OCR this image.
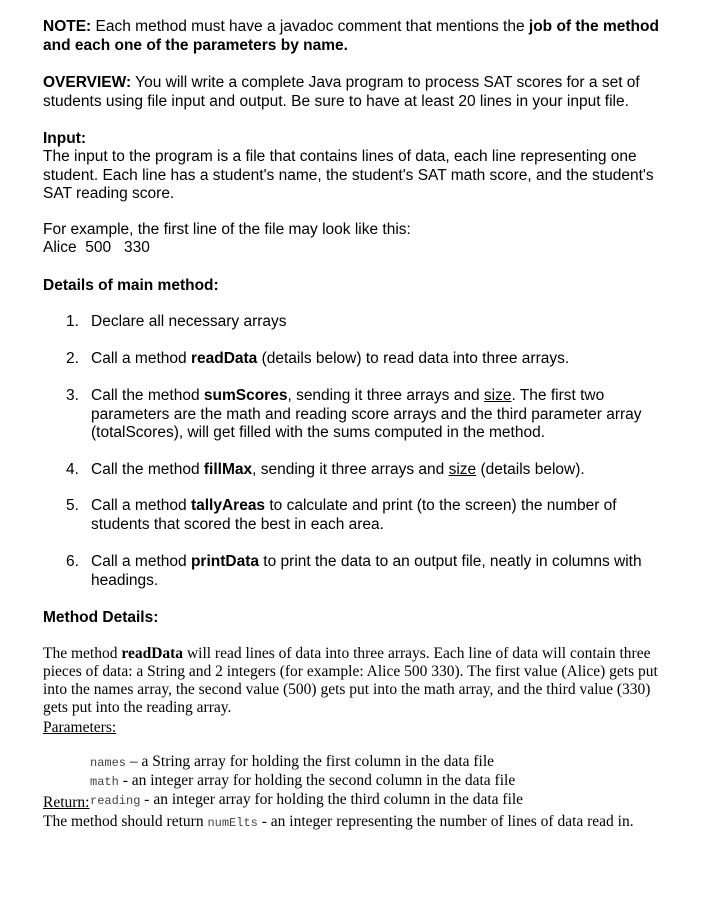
NOTE: Each method must have a javadoc comment that mentions the job of the method and each one of the parameters by name.

OVERVIEW: You will write a complete Java program to process SAT scores for a set of students using file input and output. Be sure to have at least 20 lines in your input file.

Input:

The input to the program is a file that contains lines of data, each line representing one student. Each line has a student's name, the student's SAT math score, and the student's SAT reading score.

For example, the first line of the file may look like this:

Alice  500   330

Details of main method:

1. Declare all necessary arrays
2. Call a method readData (details below) to read data into three arrays.
3. Call the method sumScores, sending it three arrays and size. The first two parameters are the math and reading score arrays and the third parameter array (totalScores), will get filled with the sums computed in the method.
4. Call the method fillMax, sending it three arrays and size (details below).
5. Call a method tallyAreas to calculate and print (to the screen) the number of students that scored the best in each area.
6. Call a method printData to print the data to an output file, neatly in columns with headings.

Method Details:

The method readData will read lines of data into three arrays. Each line of data will contain three pieces of data: a String and 2 integers (for example: Alice 500 330). The first value (Alice) gets put into the names array, the second value (500) gets put into the math array, and the third value (330) gets put into the reading array.

Parameters:

names – a String array for holding the first column in the data file

math - an integer array for holding the second column in the data file

reading - an integer array for holding the third column in the data file

Return:

The method should return numElts - an integer representing the number of lines of data read in.
